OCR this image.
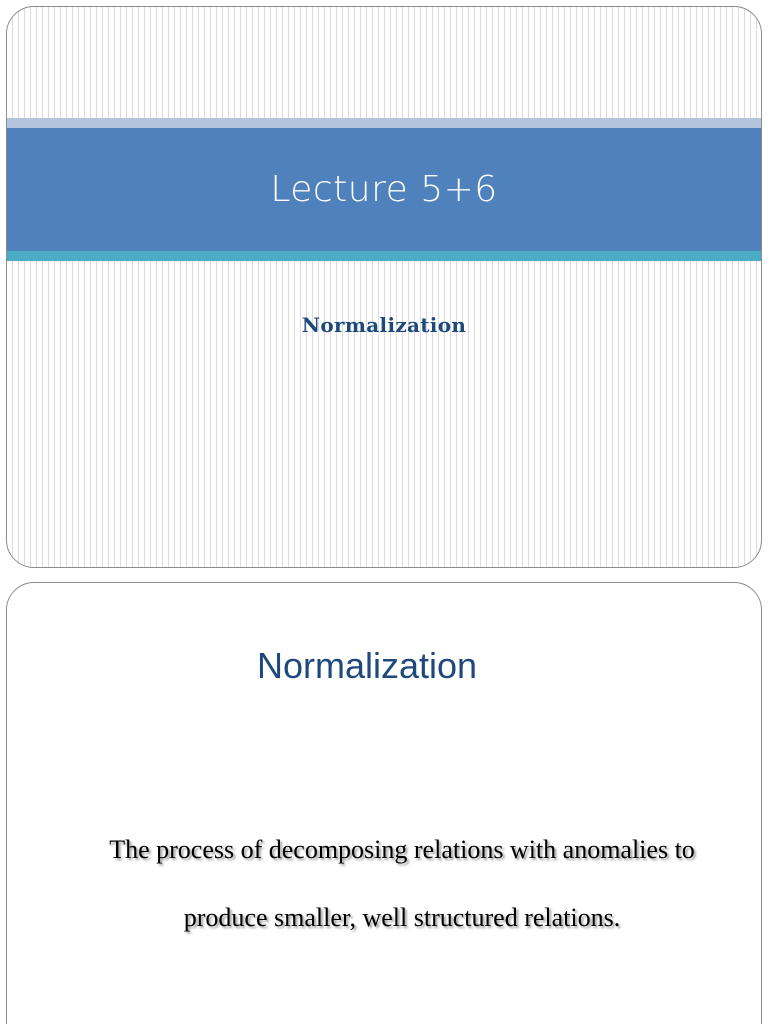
Lecture 5+6
Normalization
Normalization
The process of decomposing relations with anomalies to
produce smaller, well structured relations.
